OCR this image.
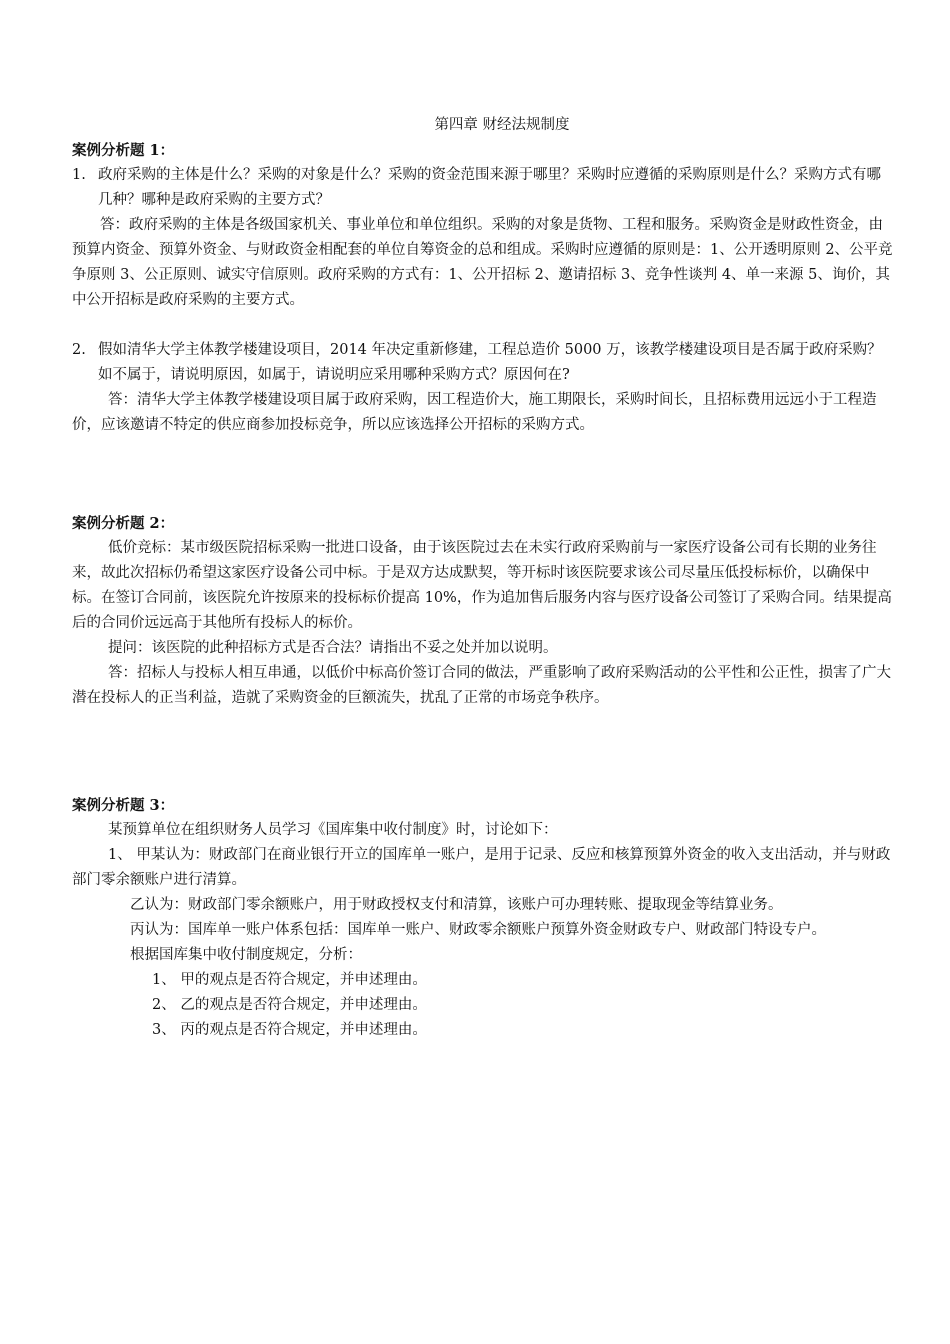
第四章 财经法规制度

案例分析题 1：

1. 政府采购的主体是什么？采购的对象是什么？采购的资金范围来源于哪里？采购时应遵循的采购原则是什么？采购方式有哪几种？哪种是政府采购的主要方式？

答：政府采购的主体是各级国家机关、事业单位和单位组织。采购的对象是货物、工程和服务。采购资金是财政性资金，由预算内资金、预算外资金、与财政资金相配套的单位自筹资金的总和组成。采购时应遵循的原则是：1、公开透明原则 2、公平竞争原则 3、公正原则、诚实守信原则。政府采购的方式有：1、公开招标 2、邀请招标 3、竞争性谈判 4、单一来源 5、询价，其中公开招标是政府采购的主要方式。

2. 假如清华大学主体教学楼建设项目，2014 年决定重新修建，工程总造价 5000 万，该教学楼建设项目是否属于政府采购？如不属于，请说明原因，如属于，请说明应采用哪种采购方式？原因何在?

答：清华大学主体教学楼建设项目属于政府采购，因工程造价大，施工期限长，采购时间长，且招标费用远远小于工程造价，应该邀请不特定的供应商参加投标竞争，所以应该选择公开招标的采购方式。

案例分析题 2：

低价竞标：某市级医院招标采购一批进口设备，由于该医院过去在未实行政府采购前与一家医疗设备公司有长期的业务往来，故此次招标仍希望这家医疗设备公司中标。于是双方达成默契，等开标时该医院要求该公司尽量压低投标标价，以确保中标。在签订合同前，该医院允许按原来的投标标价提高 10%，作为追加售后服务内容与医疗设备公司签订了采购合同。结果提高后的合同价远远高于其他所有投标人的标价。

提问：该医院的此种招标方式是否合法？请指出不妥之处并加以说明。

答：招标人与投标人相互串通，以低价中标高价签订合同的做法，严重影响了政府采购活动的公平性和公正性，损害了广大潜在投标人的正当利益，造就了采购资金的巨额流失，扰乱了正常的市场竞争秩序。

案例分析题 3：

某预算单位在组织财务人员学习《国库集中收付制度》时，讨论如下：

1、 甲某认为：财政部门在商业银行开立的国库单一账户，是用于记录、反应和核算预算外资金的收入支出活动，并与财政部门零余额账户进行清算。

乙认为：财政部门零余额账户，用于财政授权支付和清算，该账户可办理转账、提取现金等结算业务。

丙认为：国库单一账户体系包括：国库单一账户、财政零余额账户预算外资金财政专户、财政部门特设专户。

根据国库集中收付制度规定，分析：

1、 甲的观点是否符合规定，并申述理由。

2、 乙的观点是否符合规定，并申述理由。

3、 丙的观点是否符合规定，并申述理由。
